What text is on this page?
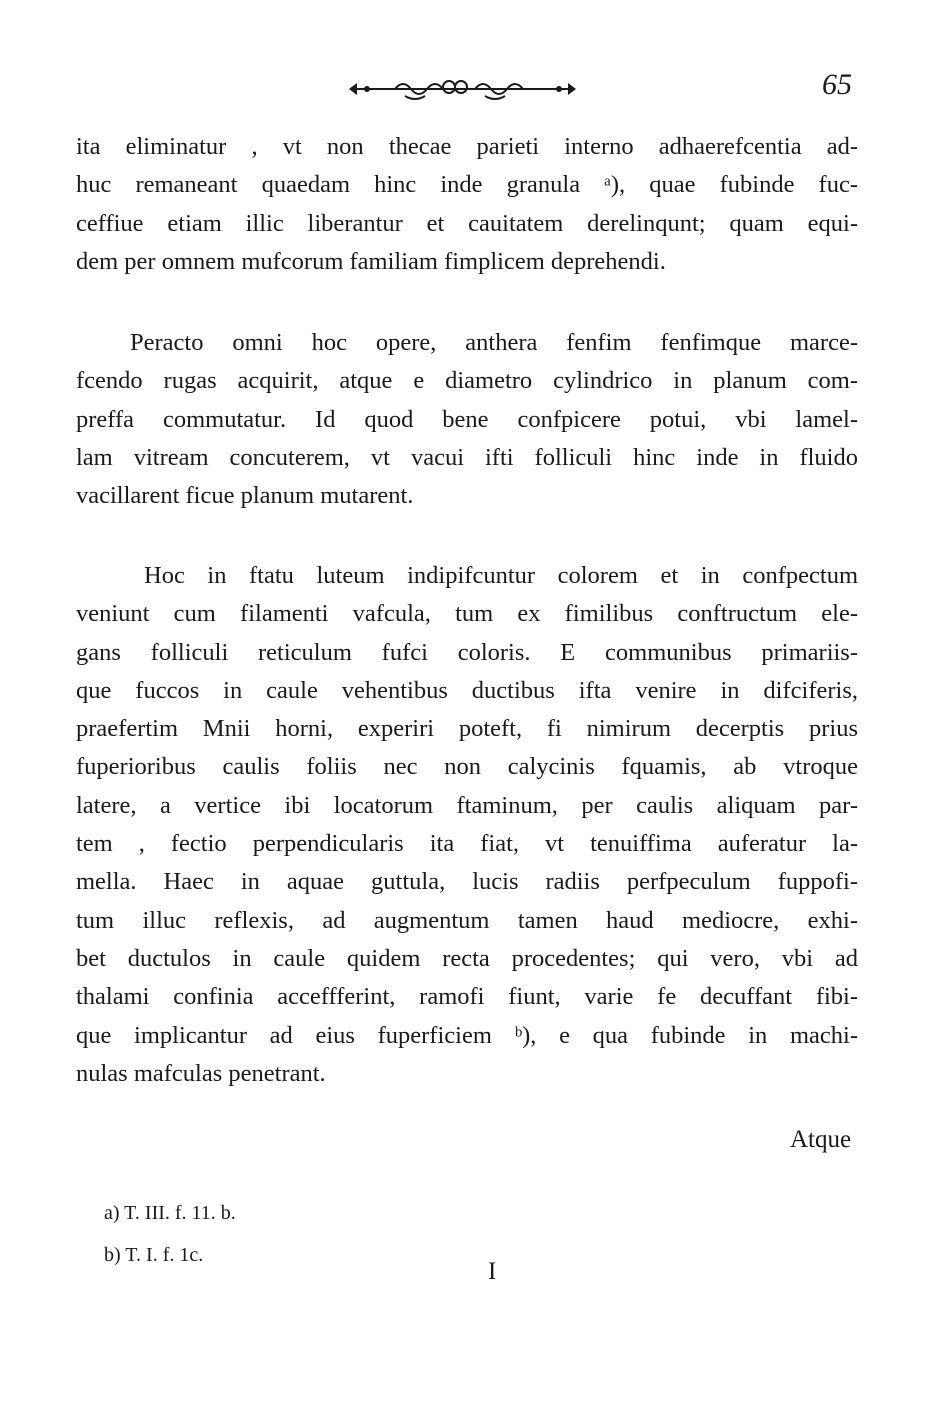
65
ita eliminatur , vt non thecae parieti interno adhaerefcentia ad-
huc remaneant quaedam hinc inde granula ᵃ), quae fubinde fuc-
ceffiue etiam illic liberantur et cauitatem derelinqunt; quam equi-
dem per omnem mufcorum familiam fimplicem deprehendi.
Peracto omni hoc opere, anthera fenfim fenfimque marce-
fcendo rugas acquirit, atque e diametro cylindrico in planum com-
preffa commutatur. Id quod bene confpicere potui, vbi lamel-
lam vitream concuterem, vt vacui ifti folliculi hinc inde in fluido
vacillarent ficue planum mutarent.
Hoc in ftatu luteum indipifcuntur colorem et in confpectum
veniunt cum filamenti vafcula, tum ex fimilibus conftructum ele-
gans folliculi reticulum fufci coloris. E communibus primariis-
que fuccos in caule vehentibus ductibus ifta venire in difciferis,
praefertim Mnii horni, experiri poteft, fi nimirum decerptis prius
fuperioribus caulis foliis nec non calycinis fquamis, ab vtroque
latere, a vertice ibi locatorum ftaminum, per caulis aliquam par-
tem , fectio perpendicularis ita fiat, vt tenuiffima auferatur la-
mella. Haec in aquae guttula, lucis radiis perfpeculum fuppofi-
tum illuc reflexis, ad augmentum tamen haud mediocre, exhi-
bet ductulos in caule quidem recta procedentes; qui vero, vbi ad
thalami confinia acceffferint, ramofi fiunt, varie fe decuffant fibi-
que implicantur ad eius fuperficiem ᵇ), e qua fubinde in machi-
nulas mafculas penetrant.
Atque
a) T. III. f. 11. b.
b) T. I. f. 1c.
I
